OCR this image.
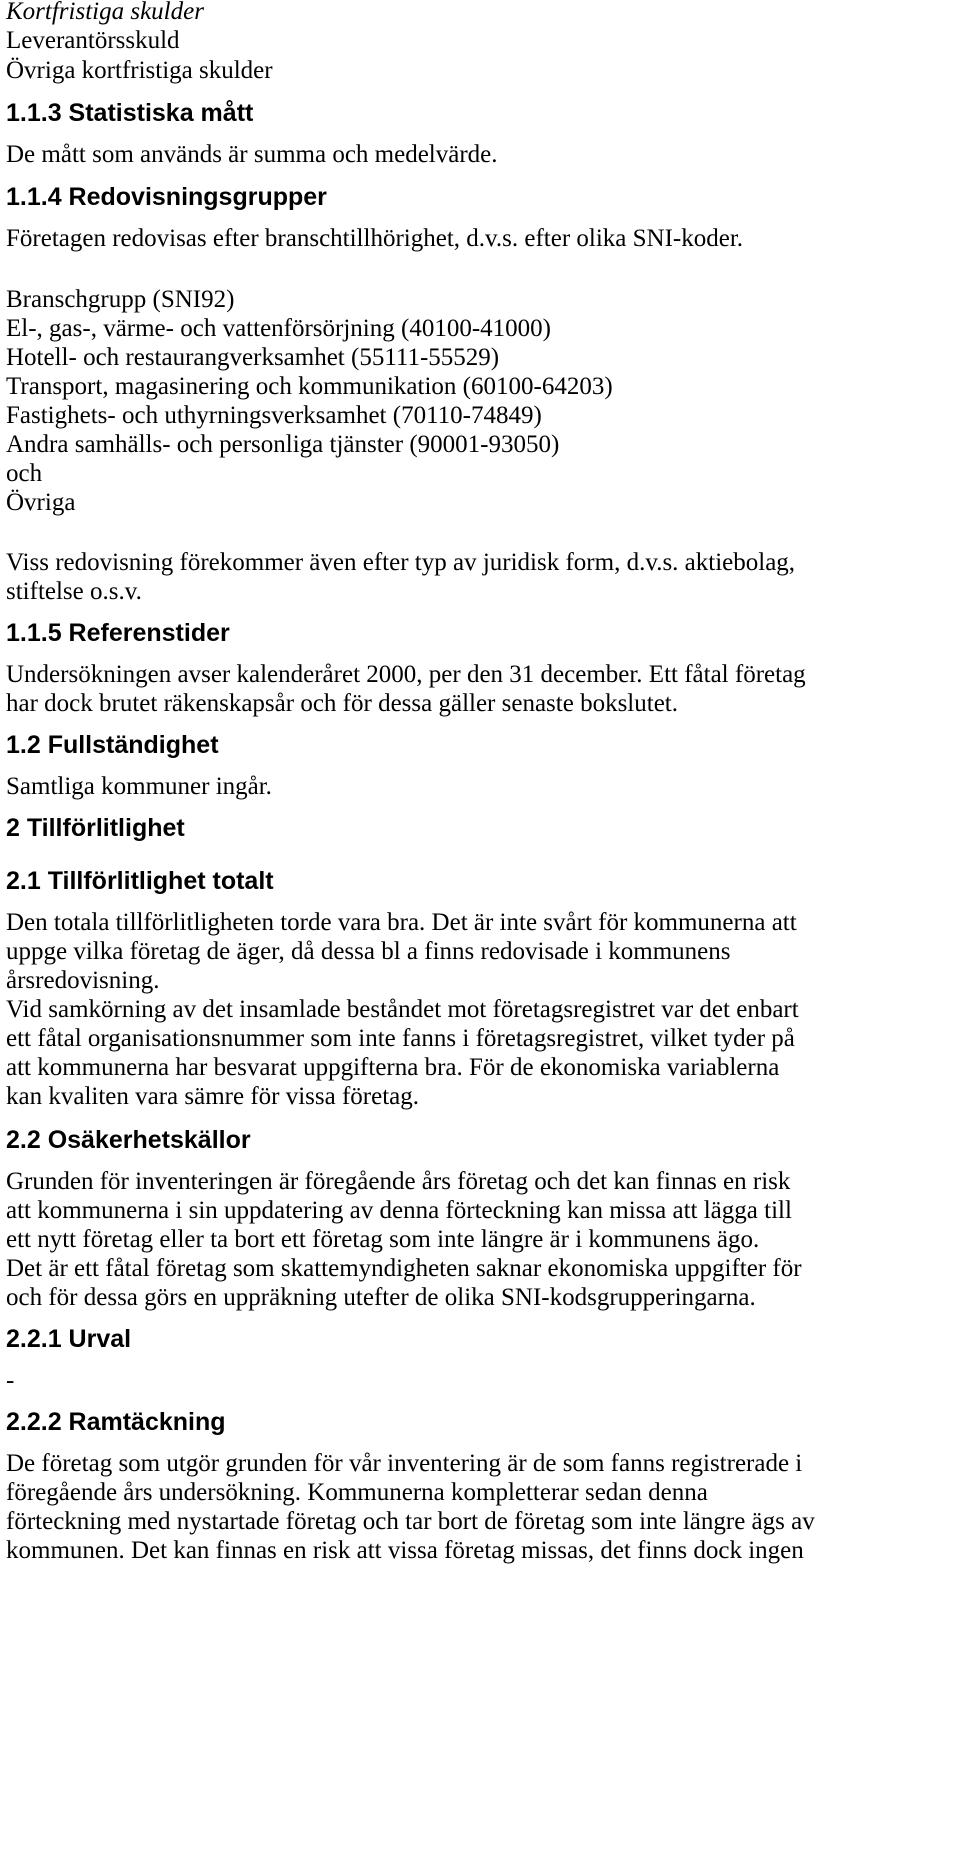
Kortfristiga skulder
Leverantörsskuld
Övriga kortfristiga skulder
1.1.3 Statistiska mått
De mått som används är summa och medelvärde.
1.1.4 Redovisningsgrupper
Företagen redovisas efter branschtillhörighet, d.v.s. efter olika SNI-koder.
Branschgrupp (SNI92)
El-, gas-, värme- och vattenförsörjning (40100-41000)
Hotell- och restaurangverksamhet (55111-55529)
Transport, magasinering och kommunikation (60100-64203)
Fastighets- och uthyrningsverksamhet (70110-74849)
Andra samhälls- och personliga tjänster (90001-93050)
och
Övriga
Viss redovisning förekommer även efter typ av juridisk form, d.v.s. aktiebolag,
stiftelse o.s.v.
1.1.5 Referenstider
Undersökningen avser kalenderåret 2000, per den 31 december. Ett fåtal företag
har dock brutet räkenskapsår och för dessa gäller senaste bokslutet.
1.2 Fullständighet
Samtliga kommuner ingår.
2 Tillförlitlighet
2.1 Tillförlitlighet totalt
Den totala tillförlitligheten torde vara bra. Det är inte svårt för kommunerna att
uppge vilka företag de äger, då dessa bl a finns redovisade i kommunens
årsredovisning.
Vid samkörning av det insamlade beståndet mot företagsregistret var det enbart
ett fåtal organisationsnummer som inte fanns i företagsregistret, vilket tyder på
att kommunerna har besvarat uppgifterna bra. För de ekonomiska variablerna
kan kvaliten vara sämre för vissa företag.
2.2 Osäkerhetskällor
Grunden för inventeringen är föregående års företag och det kan finnas en risk
att kommunerna i sin uppdatering av denna förteckning kan missa att lägga till
ett nytt företag eller ta bort ett företag som inte längre är i kommunens ägo.
Det är ett fåtal företag som skattemyndigheten saknar ekonomiska uppgifter för
och för dessa görs en uppräkning utefter de olika SNI-kodsgrupperingarna.
2.2.1 Urval
-
2.2.2 Ramtäckning
De företag som utgör grunden för vår inventering är de som fanns registrerade i
föregående års undersökning. Kommunerna kompletterar sedan denna
förteckning med nystartade företag och tar bort de företag som inte längre ägs av
kommunen. Det kan finnas en risk att vissa företag missas, det finns dock ingen
